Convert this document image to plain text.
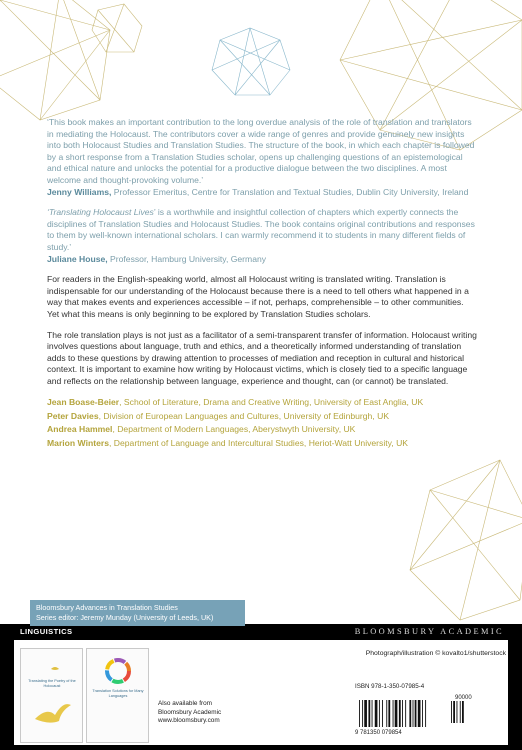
‘This book makes an important contribution to the long overdue analysis of the role of translation and translators in mediating the Holocaust. The contributors cover a wide range of genres and provide genuinely new insights into both Holocaust Studies and Translation Studies. The structure of the book, in which each chapter is followed by a short response from a Translation Studies scholar, opens up challenging questions of an epistemological and ethical nature and unlocks the potential for a productive dialogue between the two disciplines. A most welcome and thought-provoking volume.’

Jenny Williams, Professor Emeritus, Centre for Translation and Textual Studies, Dublin City University, Ireland

‘Translating Holocaust Lives’ is a worthwhile and insightful collection of chapters which expertly connects the disciplines of Translation Studies and Holocaust Studies. The book contains original contributions and responses to them by well-known international scholars. I can warmly recommend it to students in many different fields of study.’

Juliane House, Professor, Hamburg University, Germany

For readers in the English-speaking world, almost all Holocaust writing is translated writing. Translation is indispensable for our understanding of the Holocaust because there is a need to tell others what happened in a way that makes events and experiences accessible – if not, perhaps, comprehensible – to other communities. Yet what this means is only beginning to be explored by Translation Studies scholars.

The role translation plays is not just as a facilitator of a semi-transparent transfer of information. Holocaust writing involves questions about language, truth and ethics, and a theoretically informed understanding of translation adds to these questions by drawing attention to processes of mediation and reception in cultural and historical context. It is important to examine how writing by Holocaust victims, which is closely tied to a specific language and reflects on the relationship between language, experience and thought, can (or cannot) be translated.

Jean Boase-Beier, School of Literature, Drama and Creative Writing, University of East Anglia, UK

Peter Davies, Division of European Languages and Cultures, University of Edinburgh, UK

Andrea Hammel, Department of Modern Languages, Aberystwyth University, UK

Marion Winters, Department of Language and Intercultural Studies, Heriot-Watt University, UK

Bloomsbury Advances in Translation Studies
Series editor: Jeremy Munday (University of Leeds, UK)
LINGUISTICS	BLOOMSBURY ACADEMIC
Photograph/illustration © kovalto1/shutterstock
Translating the Poetry of the Holocaust
Translation Solutions for Many Languages
Also available from
Bloomsbury Academic
www.bloomsbury.com
ISBN 978-1-350-07985-4
90000
9 781350 079854
